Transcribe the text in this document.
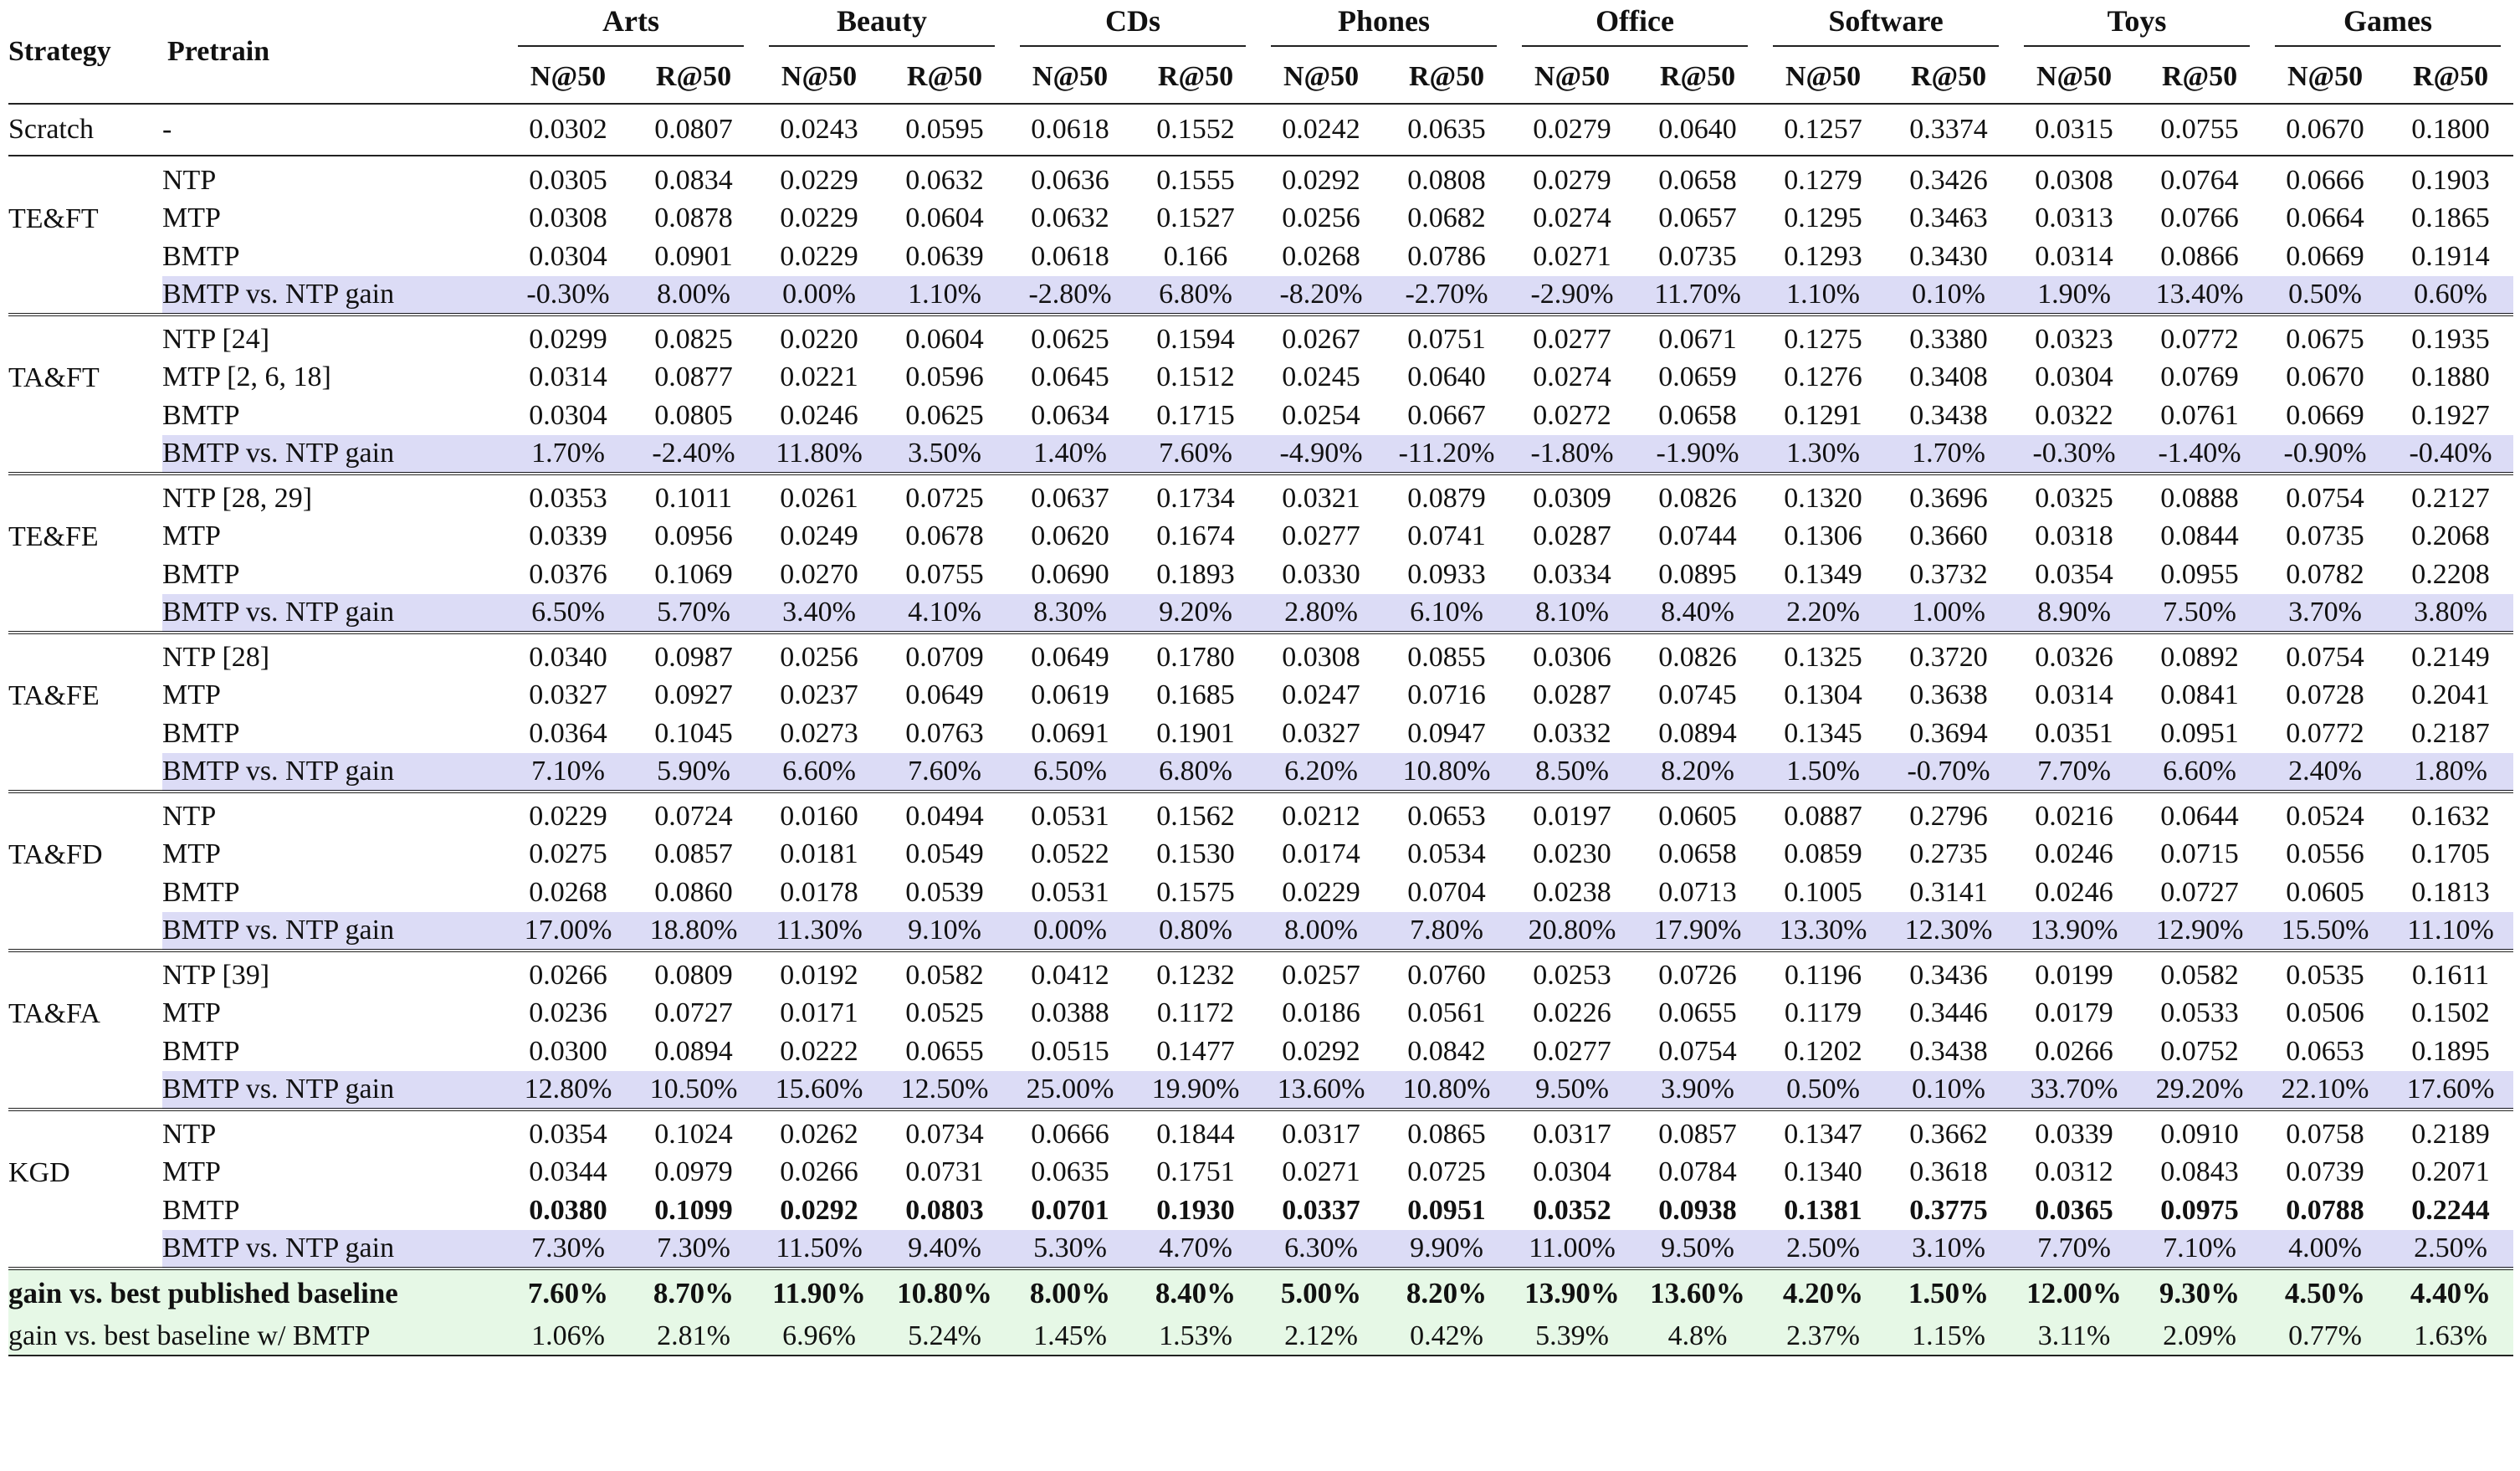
Strategy	Pretrain	Arts		Beauty		CDs		Phones		Office		Software		Toys		Games	
		N@50	R@50	N@50	R@50	N@50	R@50	N@50	R@50	N@50	R@50	N@50	R@50	N@50	R@50	N@50	R@50
Scratch	-	0.0302	0.0807	0.0243	0.0595	0.0618	0.1552	0.0242	0.0635	0.0279	0.0640	0.1257	0.3374	0.0315	0.0755	0.0670	0.1800
TE&FT	NTP	0.0305	0.0834	0.0229	0.0632	0.0636	0.1555	0.0292	0.0808	0.0279	0.0658	0.1279	0.3426	0.0308	0.0764	0.0666	0.1903
	MTP	0.0308	0.0878	0.0229	0.0604	0.0632	0.1527	0.0256	0.0682	0.0274	0.0657	0.1295	0.3463	0.0313	0.0766	0.0664	0.1865
	BMTP	0.0304	0.0901	0.0229	0.0639	0.0618	0.166	0.0268	0.0786	0.0271	0.0735	0.1293	0.3430	0.0314	0.0866	0.0669	0.1914
	BMTP vs. NTP gain	-0.30%	8.00%	0.00%	1.10%	-2.80%	6.80%	-8.20%	-2.70%	-2.90%	11.70%	1.10%	0.10%	1.90%	13.40%	0.50%	0.60%
TA&FT	NTP [24]	0.0299	0.0825	0.0220	0.0604	0.0625	0.1594	0.0267	0.0751	0.0277	0.0671	0.1275	0.3380	0.0323	0.0772	0.0675	0.1935
	MTP [2, 6, 18]	0.0314	0.0877	0.0221	0.0596	0.0645	0.1512	0.0245	0.0640	0.0274	0.0659	0.1276	0.3408	0.0304	0.0769	0.0670	0.1880
	BMTP	0.0304	0.0805	0.0246	0.0625	0.0634	0.1715	0.0254	0.0667	0.0272	0.0658	0.1291	0.3438	0.0322	0.0761	0.0669	0.1927
	BMTP vs. NTP gain	1.70%	-2.40%	11.80%	3.50%	1.40%	7.60%	-4.90%	-11.20%	-1.80%	-1.90%	1.30%	1.70%	-0.30%	-1.40%	-0.90%	-0.40%
TE&FE	NTP [28, 29]	0.0353	0.1011	0.0261	0.0725	0.0637	0.1734	0.0321	0.0879	0.0309	0.0826	0.1320	0.3696	0.0325	0.0888	0.0754	0.2127
	MTP	0.0339	0.0956	0.0249	0.0678	0.0620	0.1674	0.0277	0.0741	0.0287	0.0744	0.1306	0.3660	0.0318	0.0844	0.0735	0.2068
	BMTP	0.0376	0.1069	0.0270	0.0755	0.0690	0.1893	0.0330	0.0933	0.0334	0.0895	0.1349	0.3732	0.0354	0.0955	0.0782	0.2208
	BMTP vs. NTP gain	6.50%	5.70%	3.40%	4.10%	8.30%	9.20%	2.80%	6.10%	8.10%	8.40%	2.20%	1.00%	8.90%	7.50%	3.70%	3.80%
TA&FE	NTP [28]	0.0340	0.0987	0.0256	0.0709	0.0649	0.1780	0.0308	0.0855	0.0306	0.0826	0.1325	0.3720	0.0326	0.0892	0.0754	0.2149
	MTP	0.0327	0.0927	0.0237	0.0649	0.0619	0.1685	0.0247	0.0716	0.0287	0.0745	0.1304	0.3638	0.0314	0.0841	0.0728	0.2041
	BMTP	0.0364	0.1045	0.0273	0.0763	0.0691	0.1901	0.0327	0.0947	0.0332	0.0894	0.1345	0.3694	0.0351	0.0951	0.0772	0.2187
	BMTP vs. NTP gain	7.10%	5.90%	6.60%	7.60%	6.50%	6.80%	6.20%	10.80%	8.50%	8.20%	1.50%	-0.70%	7.70%	6.60%	2.40%	1.80%
TA&FD	NTP	0.0229	0.0724	0.0160	0.0494	0.0531	0.1562	0.0212	0.0653	0.0197	0.0605	0.0887	0.2796	0.0216	0.0644	0.0524	0.1632
	MTP	0.0275	0.0857	0.0181	0.0549	0.0522	0.1530	0.0174	0.0534	0.0230	0.0658	0.0859	0.2735	0.0246	0.0715	0.0556	0.1705
	BMTP	0.0268	0.0860	0.0178	0.0539	0.0531	0.1575	0.0229	0.0704	0.0238	0.0713	0.1005	0.3141	0.0246	0.0727	0.0605	0.1813
	BMTP vs. NTP gain	17.00%	18.80%	11.30%	9.10%	0.00%	0.80%	8.00%	7.80%	20.80%	17.90%	13.30%	12.30%	13.90%	12.90%	15.50%	11.10%
TA&FA	NTP [39]	0.0266	0.0809	0.0192	0.0582	0.0412	0.1232	0.0257	0.0760	0.0253	0.0726	0.1196	0.3436	0.0199	0.0582	0.0535	0.1611
	MTP	0.0236	0.0727	0.0171	0.0525	0.0388	0.1172	0.0186	0.0561	0.0226	0.0655	0.1179	0.3446	0.0179	0.0533	0.0506	0.1502
	BMTP	0.0300	0.0894	0.0222	0.0655	0.0515	0.1477	0.0292	0.0842	0.0277	0.0754	0.1202	0.3438	0.0266	0.0752	0.0653	0.1895
	BMTP vs. NTP gain	12.80%	10.50%	15.60%	12.50%	25.00%	19.90%	13.60%	10.80%	9.50%	3.90%	0.50%	0.10%	33.70%	29.20%	22.10%	17.60%
KGD	NTP	0.0354	0.1024	0.0262	0.0734	0.0666	0.1844	0.0317	0.0865	0.0317	0.0857	0.1347	0.3662	0.0339	0.0910	0.0758	0.2189
	MTP	0.0344	0.0979	0.0266	0.0731	0.0635	0.1751	0.0271	0.0725	0.0304	0.0784	0.1340	0.3618	0.0312	0.0843	0.0739	0.2071
	BMTP	0.0380	0.1099	0.0292	0.0803	0.0701	0.1930	0.0337	0.0951	0.0352	0.0938	0.1381	0.3775	0.0365	0.0975	0.0788	0.2244
	BMTP vs. NTP gain	7.30%	7.30%	11.50%	9.40%	5.30%	4.70%	6.30%	9.90%	11.00%	9.50%	2.50%	3.10%	7.70%	7.10%	4.00%	2.50%
gain vs. best published baseline		7.60%	8.70%	11.90%	10.80%	8.00%	8.40%	5.00%	8.20%	13.90%	13.60%	4.20%	1.50%	12.00%	9.30%	4.50%	4.40%
gain vs. best baseline w/ BMTP		1.06%	2.81%	6.96%	5.24%	1.45%	1.53%	2.12%	0.42%	5.39%	4.8%	2.37%	1.15%	3.11%	2.09%	0.77%	1.63%
